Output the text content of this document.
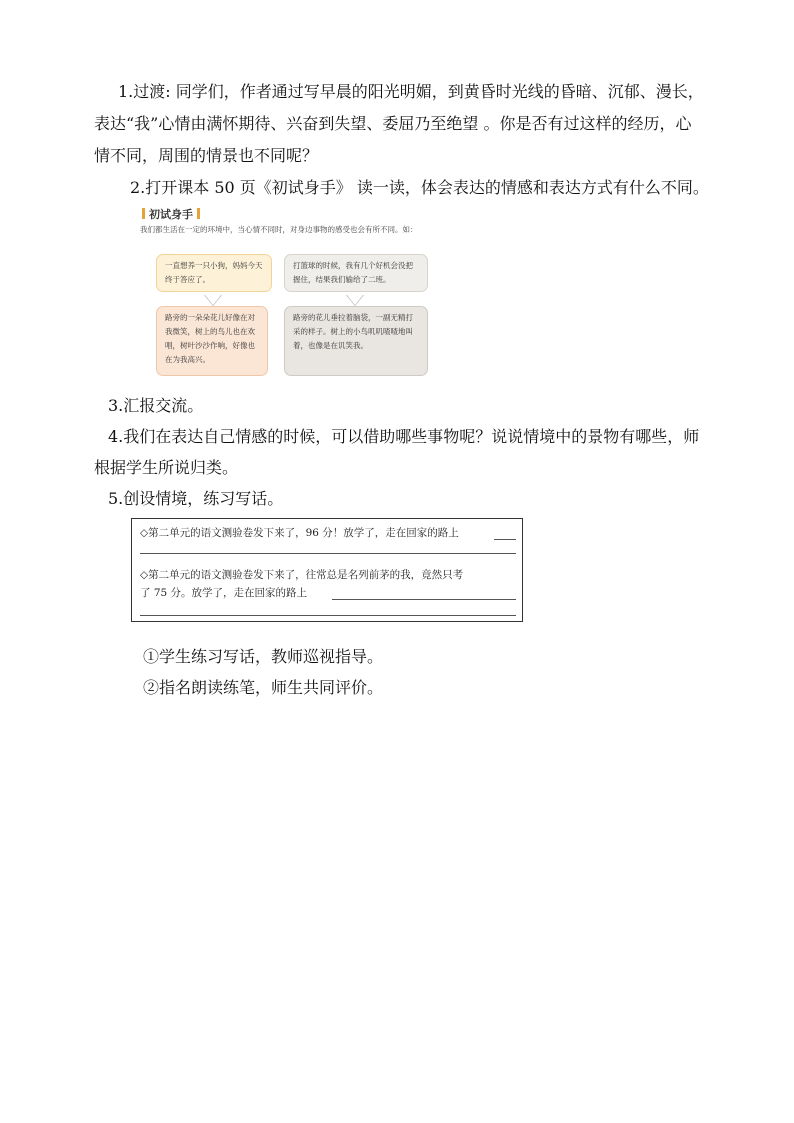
1.过渡: 同学们，作者通过写早晨的阳光明媚，到黄昏时光线的昏暗、沉郁、漫长，
表达“我”心情由满怀期待、兴奋到失望、委屈乃至绝望 。你是否有过这样的经历，心
情不同，周围的情景也不同呢？
2.打开课本 50 页《初试身手》 读一读，体会表达的情感和表达方式有什么不同。
初试身手
我们都生活在一定的环境中，当心情不同时，对身边事物的感受也会有所不同。如：
一直想养一只小狗，妈妈今天终于答应了。
打篮球的时候，我有几个好机会没把握住，结果我们输给了二班。
路旁的一朵朵花儿好像在对我微笑，树上的鸟儿也在欢唱，树叶沙沙作响，好像也在为我高兴。
路旁的花儿垂拉着脑袋，一副无精打采的样子。树上的小鸟叽叽喳喳地叫着，也像是在讥笑我。
3.汇报交流。
4.我们在表达自己情感的时候，可以借助哪些事物呢？说说情境中的景物有哪些，师
根据学生所说归类。
5.创设情境，练习写话。
◇第二单元的语文测验卷发下来了，96 分！放学了，走在回家的路上
◇第二单元的语文测验卷发下来了，往常总是名列前茅的我，竟然只考
了 75 分。放学了，走在回家的路上
①学生练习写话，教师巡视指导。
②指名朗读练笔，师生共同评价。
